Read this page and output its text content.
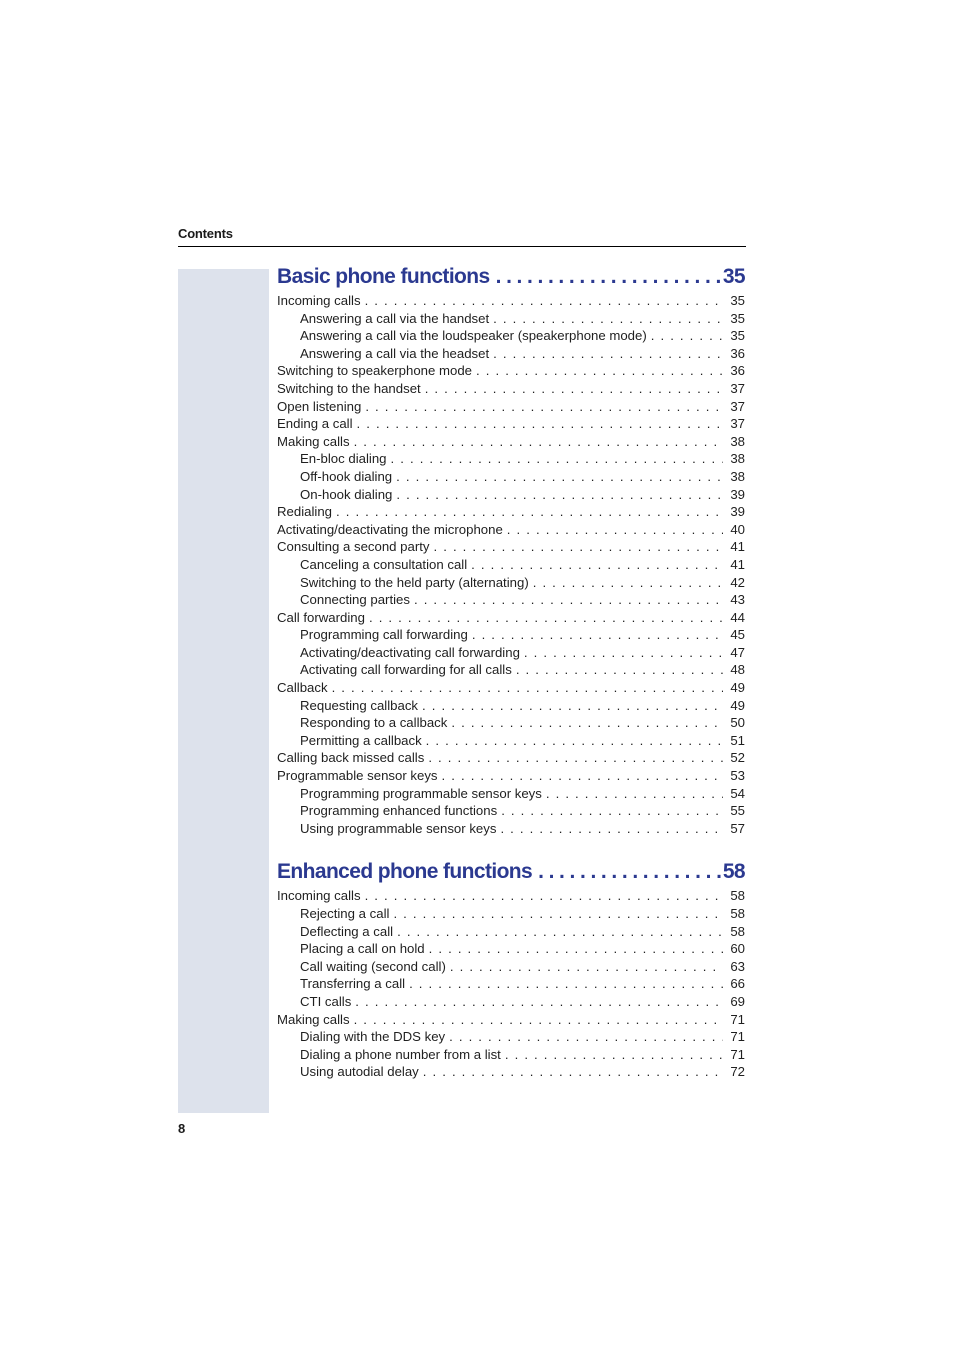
Contents
Basic phone functions . . .	35
Incoming calls . . .	35
Answering a call via the handset . . .	35
Answering a call via the loudspeaker (speakerphone mode) . . .	35
Answering a call via the headset . . .	36
Switching to speakerphone mode . . .	36
Switching to the handset . . .	37
Open listening . . .	37
Ending a call . . .	37
Making calls . . .	38
En-bloc dialing . . .	38
Off-hook dialing . . .	38
On-hook dialing . . .	39
Redialing . . .	39
Activating/deactivating the microphone . . .	40
Consulting a second party . . .	41
Canceling a consultation call . . .	41
Switching to the held party (alternating) . . .	42
Connecting parties . . .	43
Call forwarding . . .	44
Programming call forwarding . . .	45
Activating/deactivating call forwarding . . .	47
Activating call forwarding for all calls . . .	48
Callback . . .	49
Requesting callback . . .	49
Responding to a callback . . .	50
Permitting a callback . . .	51
Calling back missed calls . . .	52
Programmable sensor keys . . .	53
Programming programmable sensor keys . . .	54
Programming enhanced functions . . .	55
Using programmable sensor keys . . .	57
Enhanced phone functions . . .	58
Incoming calls . . .	58
Rejecting a call . . .	58
Deflecting a call . . .	58
Placing a call on hold . . .	60
Call waiting (second call) . . .	63
Transferring a call . . .	66
CTI calls . . .	69
Making calls . . .	71
Dialing with the DDS key . . .	71
Dialing a phone number from a list . . .	71
Using autodial delay . . .	72
8
